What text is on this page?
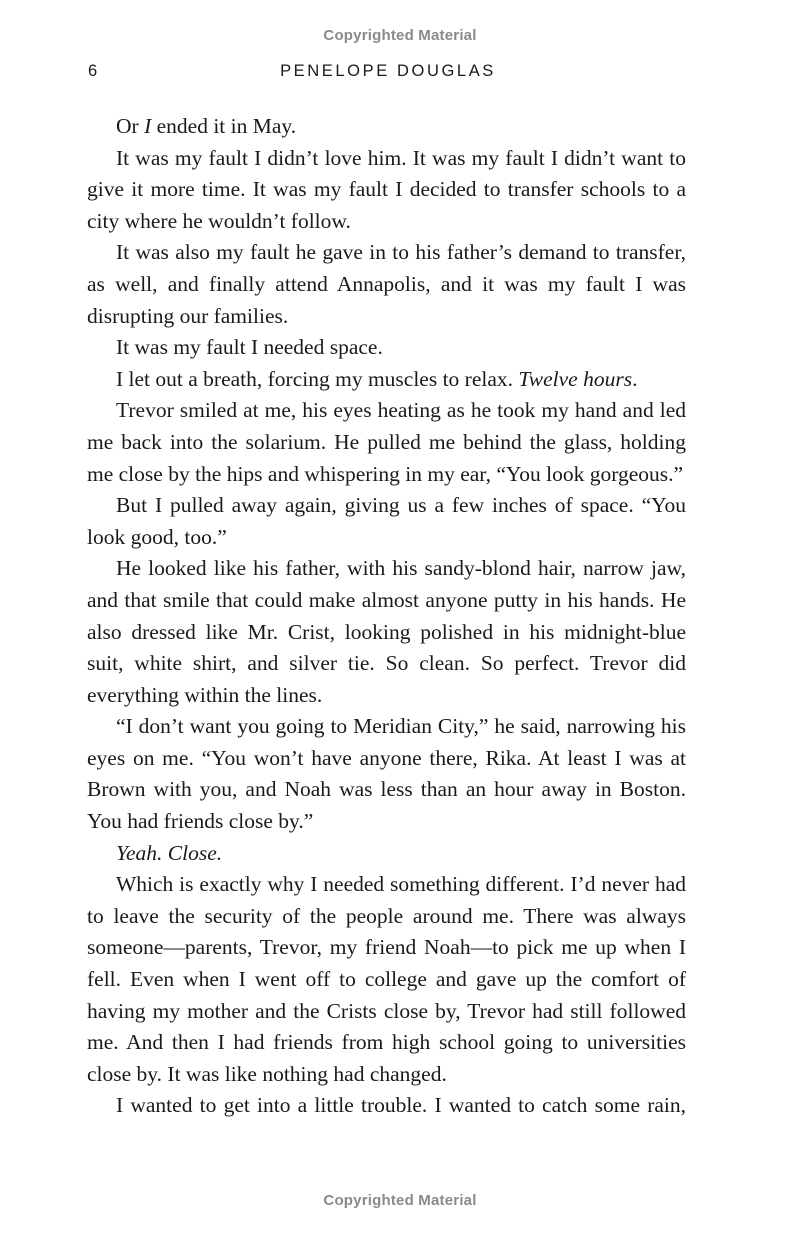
Copyrighted Material
6	PENELOPE DOUGLAS

Or I ended it in May.

It was my fault I didn’t love him. It was my fault I didn’t want to give it more time. It was my fault I decided to transfer schools to a city where he wouldn’t follow.

It was also my fault he gave in to his father’s demand to transfer, as well, and finally attend Annapolis, and it was my fault I was disrupting our families.

It was my fault I needed space.

I let out a breath, forcing my muscles to relax. Twelve hours.

Trevor smiled at me, his eyes heating as he took my hand and led me back into the solarium. He pulled me behind the glass, holding me close by the hips and whispering in my ear, “You look gorgeous.”

But I pulled away again, giving us a few inches of space. “You look good, too.”

He looked like his father, with his sandy-blond hair, narrow jaw, and that smile that could make almost anyone putty in his hands. He also dressed like Mr. Crist, looking polished in his midnight-blue suit, white shirt, and silver tie. So clean. So perfect. Trevor did everything within the lines.

“I don’t want you going to Meridian City,” he said, narrowing his eyes on me. “You won’t have anyone there, Rika. At least I was at Brown with you, and Noah was less than an hour away in Boston. You had friends close by.”

Yeah. Close.

Which is exactly why I needed something different. I’d never had to leave the security of the people around me. There was always someone—parents, Trevor, my friend Noah—to pick me up when I fell. Even when I went off to college and gave up the comfort of having my mother and the Crists close by, Trevor had still followed me. And then I had friends from high school going to universities close by. It was like nothing had changed.

I wanted to get into a little trouble. I wanted to catch some rain,

Copyrighted Material
